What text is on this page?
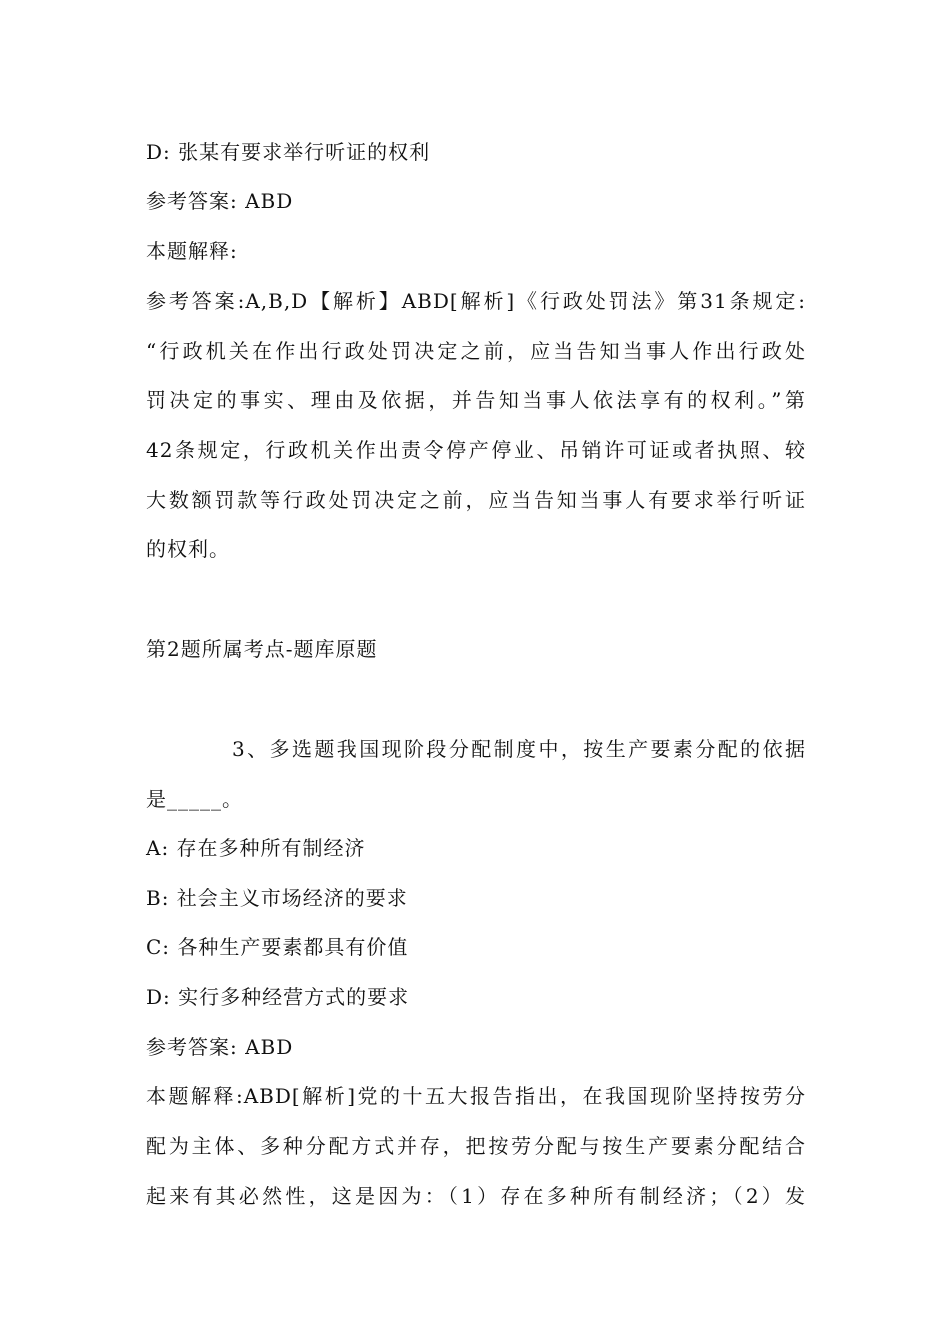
D: 张某有要求举行听证的权利
参考答案: ABD
本题解释:
参考答案:A,B,D【解析】ABD[解析]《行政处罚法》第31条规定:
“行政机关在作出行政处罚决定之前，应当告知当事人作出行政处
罚决定的事实、理由及依据，并告知当事人依法享有的权利。”第
42条规定，行政机关作出责令停产停业、吊销许可证或者执照、较
大数额罚款等行政处罚决定之前，应当告知当事人有要求举行听证
的权利。
第2题所属考点-题库原题
3、多选题我国现阶段分配制度中，按生产要素分配的依据
是_____。
A: 存在多种所有制经济
B: 社会主义市场经济的要求
C: 各种生产要素都具有价值
D: 实行多种经营方式的要求
参考答案: ABD
本题解释:ABD[解析]党的十五大报告指出，在我国现阶坚持按劳分
配为主体、多种分配方式并存，把按劳分配与按生产要素分配结合
起来有其必然性，这是因为：（1）存在多种所有制经济；（2）发
